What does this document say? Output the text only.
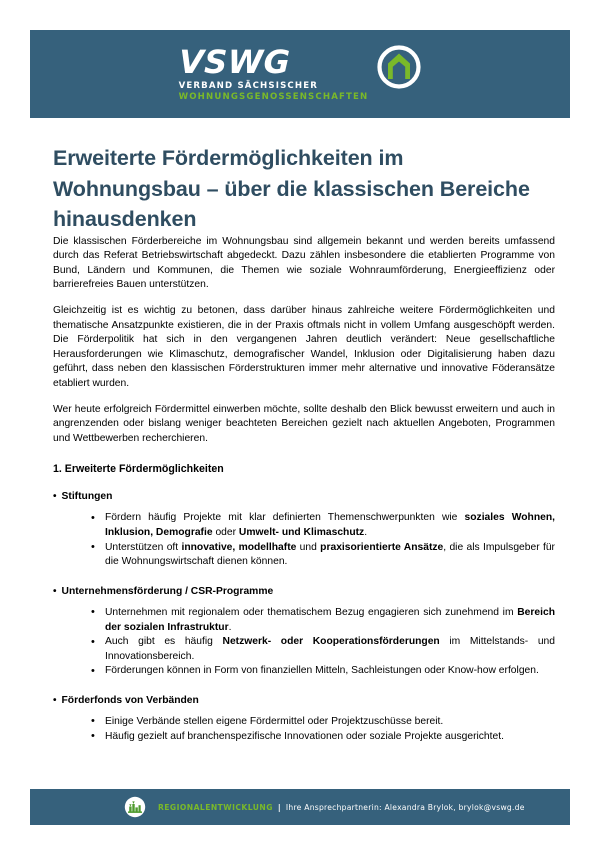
VSWG
VERBAND SÄCHSISCHER
WOHNUNGSGENOSSENSCHAFTEN
Erweiterte Fördermöglichkeiten im Wohnungsbau – über die klassischen Bereiche hinausdenken

Die klassischen Förderbereiche im Wohnungsbau sind allgemein bekannt und werden bereits umfassend durch das Referat Betriebswirtschaft abgedeckt. Dazu zählen insbesondere die etablierten Programme von Bund, Ländern und Kommunen, die Themen wie soziale Wohnraumförderung, Energieeffizienz oder barrierefreies Bauen unterstützen.

Gleichzeitig ist es wichtig zu betonen, dass darüber hinaus zahlreiche weitere Fördermöglichkeiten und thematische Ansatzpunkte existieren, die in der Praxis oftmals nicht in vollem Umfang ausgeschöpft werden. Die Förderpolitik hat sich in den vergangenen Jahren deutlich verändert: Neue gesellschaftliche Herausforderungen wie Klimaschutz, demografischer Wandel, Inklusion oder Digitalisierung haben dazu geführt, dass neben den klassischen Förderstrukturen immer mehr alternative und innovative Föderansätze etabliert wurden.

Wer heute erfolgreich Fördermittel einwerben möchte, sollte deshalb den Blick bewusst erweitern und auch in angrenzenden oder bislang weniger beachteten Bereichen gezielt nach aktuellen Angeboten, Programmen und Wettbewerben recherchieren.

1. Erweiterte Fördermöglichkeiten
• Stiftungen
• Fördern häufig Projekte mit klar definierten Themenschwerpunkten wie soziales Wohnen, Inklusion, Demografie oder Umwelt- und Klimaschutz.
• Unterstützen oft innovative, modellhafte und praxisorientierte Ansätze, die als Impulsgeber für die Wohnungswirtschaft dienen können.
• Unternehmensförderung / CSR-Programme
• Unternehmen mit regionalem oder thematischem Bezug engagieren sich zunehmend im Bereich der sozialen Infrastruktur.
• Auch gibt es häufig Netzwerk- oder Kooperationsförderungen im Mittelstands- und Innovationsbereich.
• Förderungen können in Form von finanziellen Mitteln, Sachleistungen oder Know-how erfolgen.
• Förderfonds von Verbänden
• Einige Verbände stellen eigene Fördermittel oder Projektzuschüsse bereit.
• Häufig gezielt auf branchenspezifische Innovationen oder soziale Projekte ausgerichtet.
REGIONALENTWICKLUNG | Ihre Ansprechpartnerin: Alexandra Brylok, brylok@vswg.de
